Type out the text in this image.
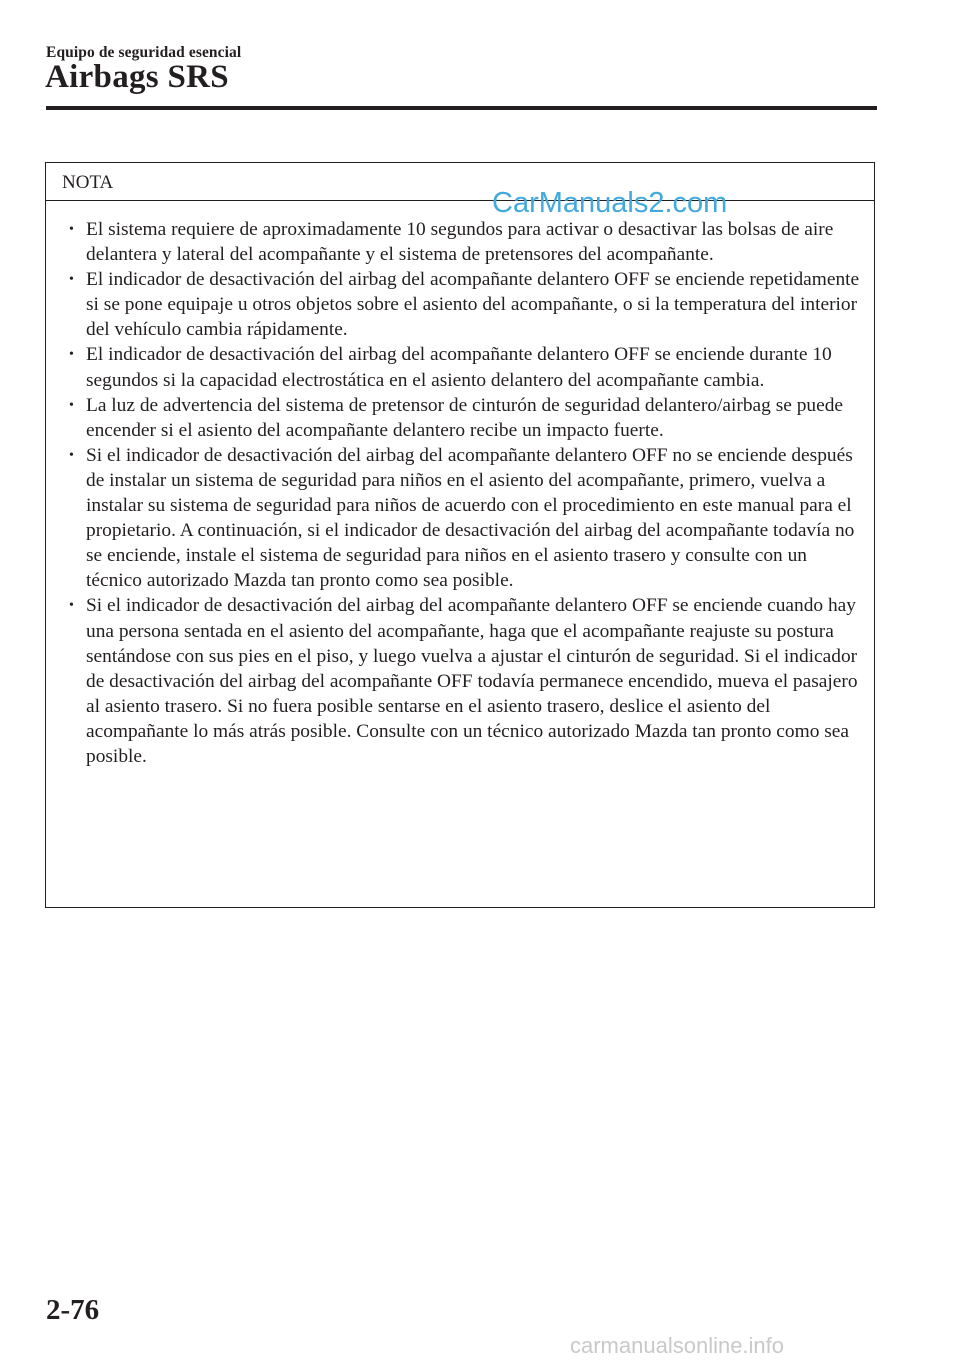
Equipo de seguridad esencial
Airbags SRS
NOTA
• El sistema requiere de aproximadamente 10 segundos para activar o desactivar las bolsas de aire delantera y lateral del acompañante y el sistema de pretensores del acompañante.
• El indicador de desactivación del airbag del acompañante delantero OFF se enciende repetidamente si se pone equipaje u otros objetos sobre el asiento del acompañante, o si la temperatura del interior del vehículo cambia rápidamente.
• El indicador de desactivación del airbag del acompañante delantero OFF se enciende durante 10 segundos si la capacidad electrostática en el asiento delantero del acompañante cambia.
• La luz de advertencia del sistema de pretensor de cinturón de seguridad delantero/airbag se puede encender si el asiento del acompañante delantero recibe un impacto fuerte.
• Si el indicador de desactivación del airbag del acompañante delantero OFF no se enciende después de instalar un sistema de seguridad para niños en el asiento del acompañante, primero, vuelva a instalar su sistema de seguridad para niños de acuerdo con el procedimiento en este manual para el propietario. A continuación, si el indicador de desactivación del airbag del acompañante todavía no se enciende, instale el sistema de seguridad para niños en el asiento trasero y consulte con un técnico autorizado Mazda tan pronto como sea posible.
• Si el indicador de desactivación del airbag del acompañante delantero OFF se enciende cuando hay una persona sentada en el asiento del acompañante, haga que el acompañante reajuste su postura sentándose con sus pies en el piso, y luego vuelva a ajustar el cinturón de seguridad. Si el indicador de desactivación del airbag del acompañante OFF todavía permanece encendido, mueva el pasajero al asiento trasero. Si no fuera posible sentarse en el asiento trasero, deslice el asiento del acompañante lo más atrás posible. Consulte con un técnico autorizado Mazda tan pronto como sea posible.
CarManuals2.com
2-76
carmanualsonline.info
